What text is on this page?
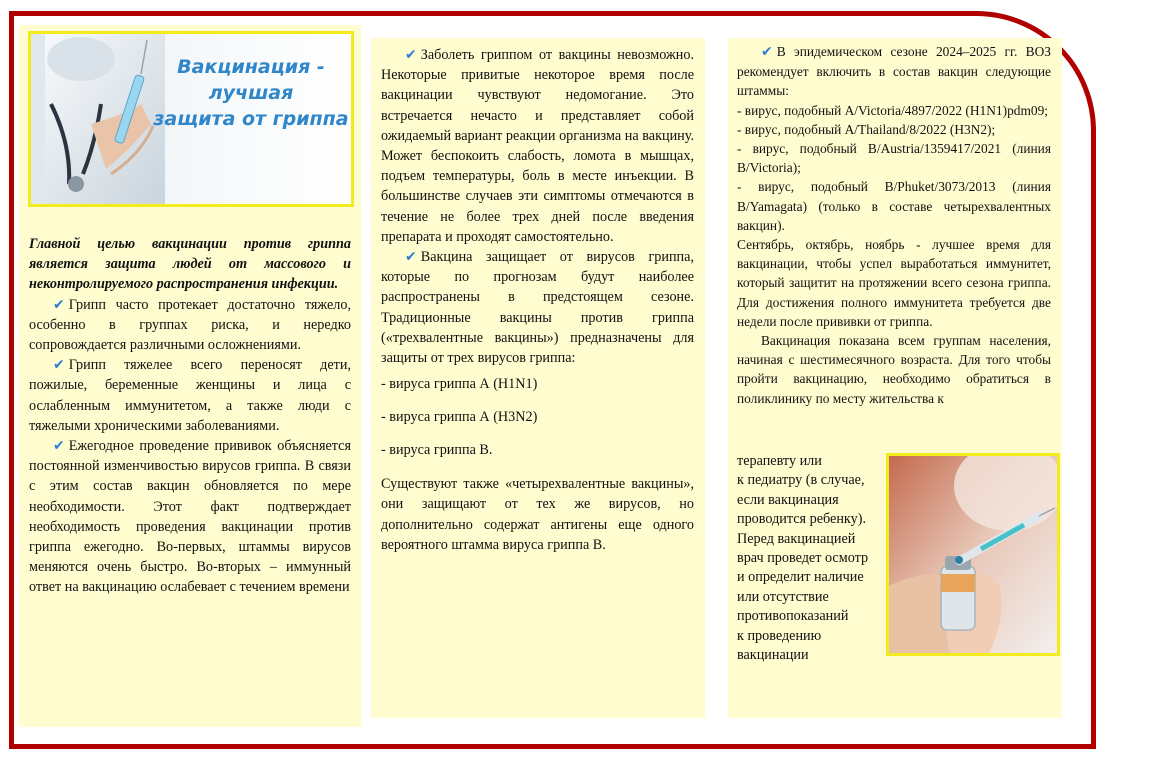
Вакцинация - лучшая
защита от гриппа

Главной целью вакцинации против гриппа является защита людей от массового и неконтролируемого распространения инфекции.

✔ Грипп часто протекает достаточно тяжело, особенно в группах риска, и нередко сопровождается различными осложнениями.

✔ Грипп тяжелее всего переносят дети, пожилые, беременные женщины и лица с ослабленным иммунитетом, а также люди с тяжелыми хроническими заболеваниями.

✔ Ежегодное проведение прививок объясняется постоянной изменчивостью вирусов гриппа. В связи с этим состав вакцин обновляется по мере необходимости. Этот факт подтверждает необходимость проведения вакцинации против гриппа ежегодно. Во-первых, штаммы вирусов меняются очень быстро. Во-вторых – иммунный ответ на вакцинацию ослабевает с течением времени

✔ Заболеть гриппом от вакцины невозможно. Некоторые привитые некоторое время после вакцинации чувствуют недомогание. Это встречается нечасто и представляет собой ожидаемый вариант реакции организма на вакцину. Может беспокоить слабость, ломота в мышцах, подъем температуры, боль в месте инъекции. В большинстве случаев эти симптомы отмечаются в течение не более трех дней после введения препарата и проходят самостоятельно.

✔ Вакцина защищает от вирусов гриппа, которые по прогнозам будут наиболее распространены в предстоящем сезоне. Традиционные вакцины против гриппа («трехвалентные вакцины») предназначены для защиты от трех вирусов гриппа:

- вируса гриппа А (H1N1)

- вируса гриппа А (H3N2)

- вируса гриппа В.

Существуют также «четырехвалентные вакцины», они защищают от тех же вирусов, но дополнительно содержат антигены еще одного вероятного штамма вируса гриппа В.

✔ В эпидемическом сезоне 2024–2025 гг. ВОЗ рекомендует включить в состав вакцин следующие штаммы:

- вирус, подобный A/Victoria/4897/2022 (H1N1)pdm09;

- вирус, подобный A/Thailand/8/2022 (H3N2);

- вирус, подобный B/Austria/1359417/2021 (линия B/Victoria);

- вирус, подобный B/Phuket/3073/2013 (линия B/Yamagata) (только в составе четырехвалентных вакцин).

Сентябрь, октябрь, ноябрь - лучшее время для вакцинации, чтобы успел выработаться иммунитет, который защитит на протяжении всего сезона гриппа. Для достижения полного иммунитета требуется две недели после прививки от гриппа.

Вакцинация показана всем группам населения, начиная с шестимесячного возраста. Для того чтобы пройти вакцинацию, необходимо обратиться в поликлинику по месту жительства к

терапевту или

к педиатру (в случае,

если вакцинация

проводится ребенку).

Перед вакцинацией

врач проведет осмотр

и определит наличие

или отсутствие

противопоказаний

к проведению

вакцинации
